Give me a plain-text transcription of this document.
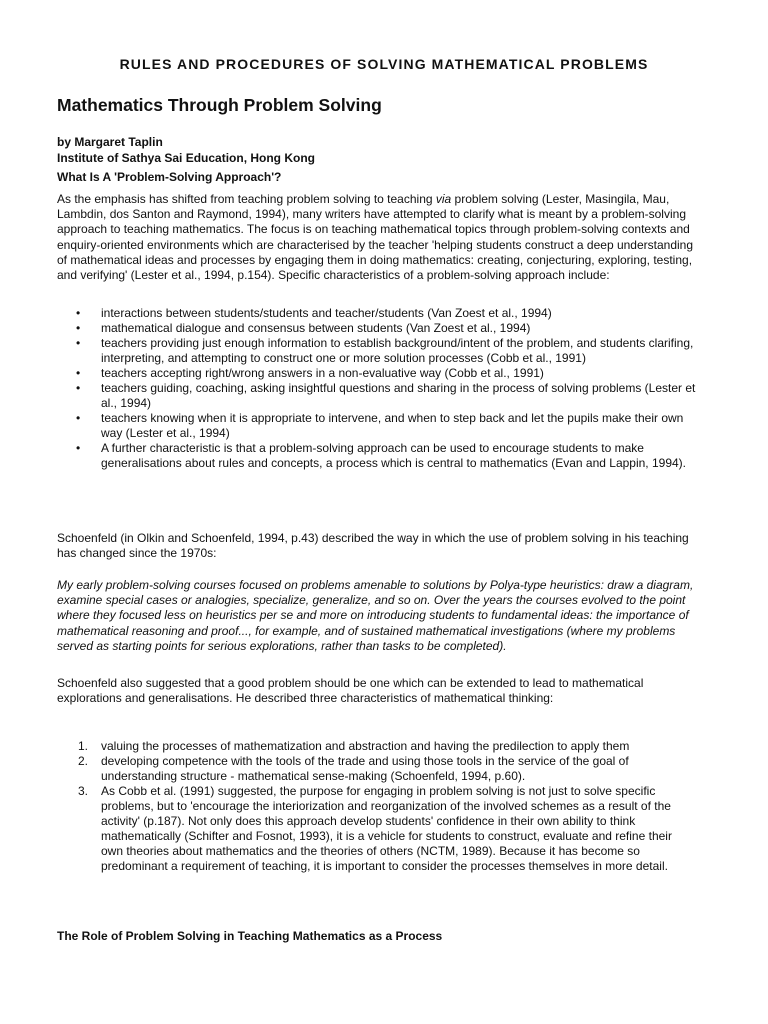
RULES AND PROCEDURES OF SOLVING MATHEMATICAL PROBLEMS
Mathematics Through Problem Solving
by Margaret Taplin
Institute of Sathya Sai Education, Hong Kong
What Is A 'Problem-Solving Approach'?

As the emphasis has shifted from teaching problem solving to teaching via problem solving (Lester, Masingila, Mau, Lambdin, dos Santon and Raymond, 1994), many writers have attempted to clarify what is meant by a problem-solving approach to teaching mathematics. The focus is on teaching mathematical topics through problem-solving contexts and enquiry-oriented environments which are characterised by the teacher 'helping students construct a deep understanding of mathematical ideas and processes by engaging them in doing mathematics: creating, conjecturing, exploring, testing, and verifying' (Lester et al., 1994, p.154). Specific characteristics of a problem-solving approach include:

• interactions between students/students and teacher/students (Van Zoest et al., 1994)
• mathematical dialogue and consensus between students (Van Zoest et al., 1994)
• teachers providing just enough information to establish background/intent of the problem, and students clarifing, interpreting, and attempting to construct one or more solution processes (Cobb et al., 1991)
• teachers accepting right/wrong answers in a non-evaluative way (Cobb et al., 1991)
• teachers guiding, coaching, asking insightful questions and sharing in the process of solving problems (Lester et al., 1994)
• teachers knowing when it is appropriate to intervene, and when to step back and let the pupils make their own way (Lester et al., 1994)
• A further characteristic is that a problem-solving approach can be used to encourage students to make generalisations about rules and concepts, a process which is central to mathematics (Evan and Lappin, 1994).

Schoenfeld (in Olkin and Schoenfeld, 1994, p.43) described the way in which the use of problem solving in his teaching has changed since the 1970s:

My early problem-solving courses focused on problems amenable to solutions by Polya-type heuristics: draw a diagram, examine special cases or analogies, specialize, generalize, and so on. Over the years the courses evolved to the point where they focused less on heuristics per se and more on introducing students to fundamental ideas: the importance of mathematical reasoning and proof..., for example, and of sustained mathematical investigations (where my problems served as starting points for serious explorations, rather than tasks to be completed).

Schoenfeld also suggested that a good problem should be one which can be extended to lead to mathematical explorations and generalisations. He described three characteristics of mathematical thinking:

1. valuing the processes of mathematization and abstraction and having the predilection to apply them
2. developing competence with the tools of the trade and using those tools in the service of the goal of understanding structure - mathematical sense-making (Schoenfeld, 1994, p.60).
3. As Cobb et al. (1991) suggested, the purpose for engaging in problem solving is not just to solve specific problems, but to 'encourage the interiorization and reorganization of the involved schemes as a result of the activity' (p.187). Not only does this approach develop students' confidence in their own ability to think mathematically (Schifter and Fosnot, 1993), it is a vehicle for students to construct, evaluate and refine their own theories about mathematics and the theories of others (NCTM, 1989). Because it has become so predominant a requirement of teaching, it is important to consider the processes themselves in more detail.
The Role of Problem Solving in Teaching Mathematics as a Process
